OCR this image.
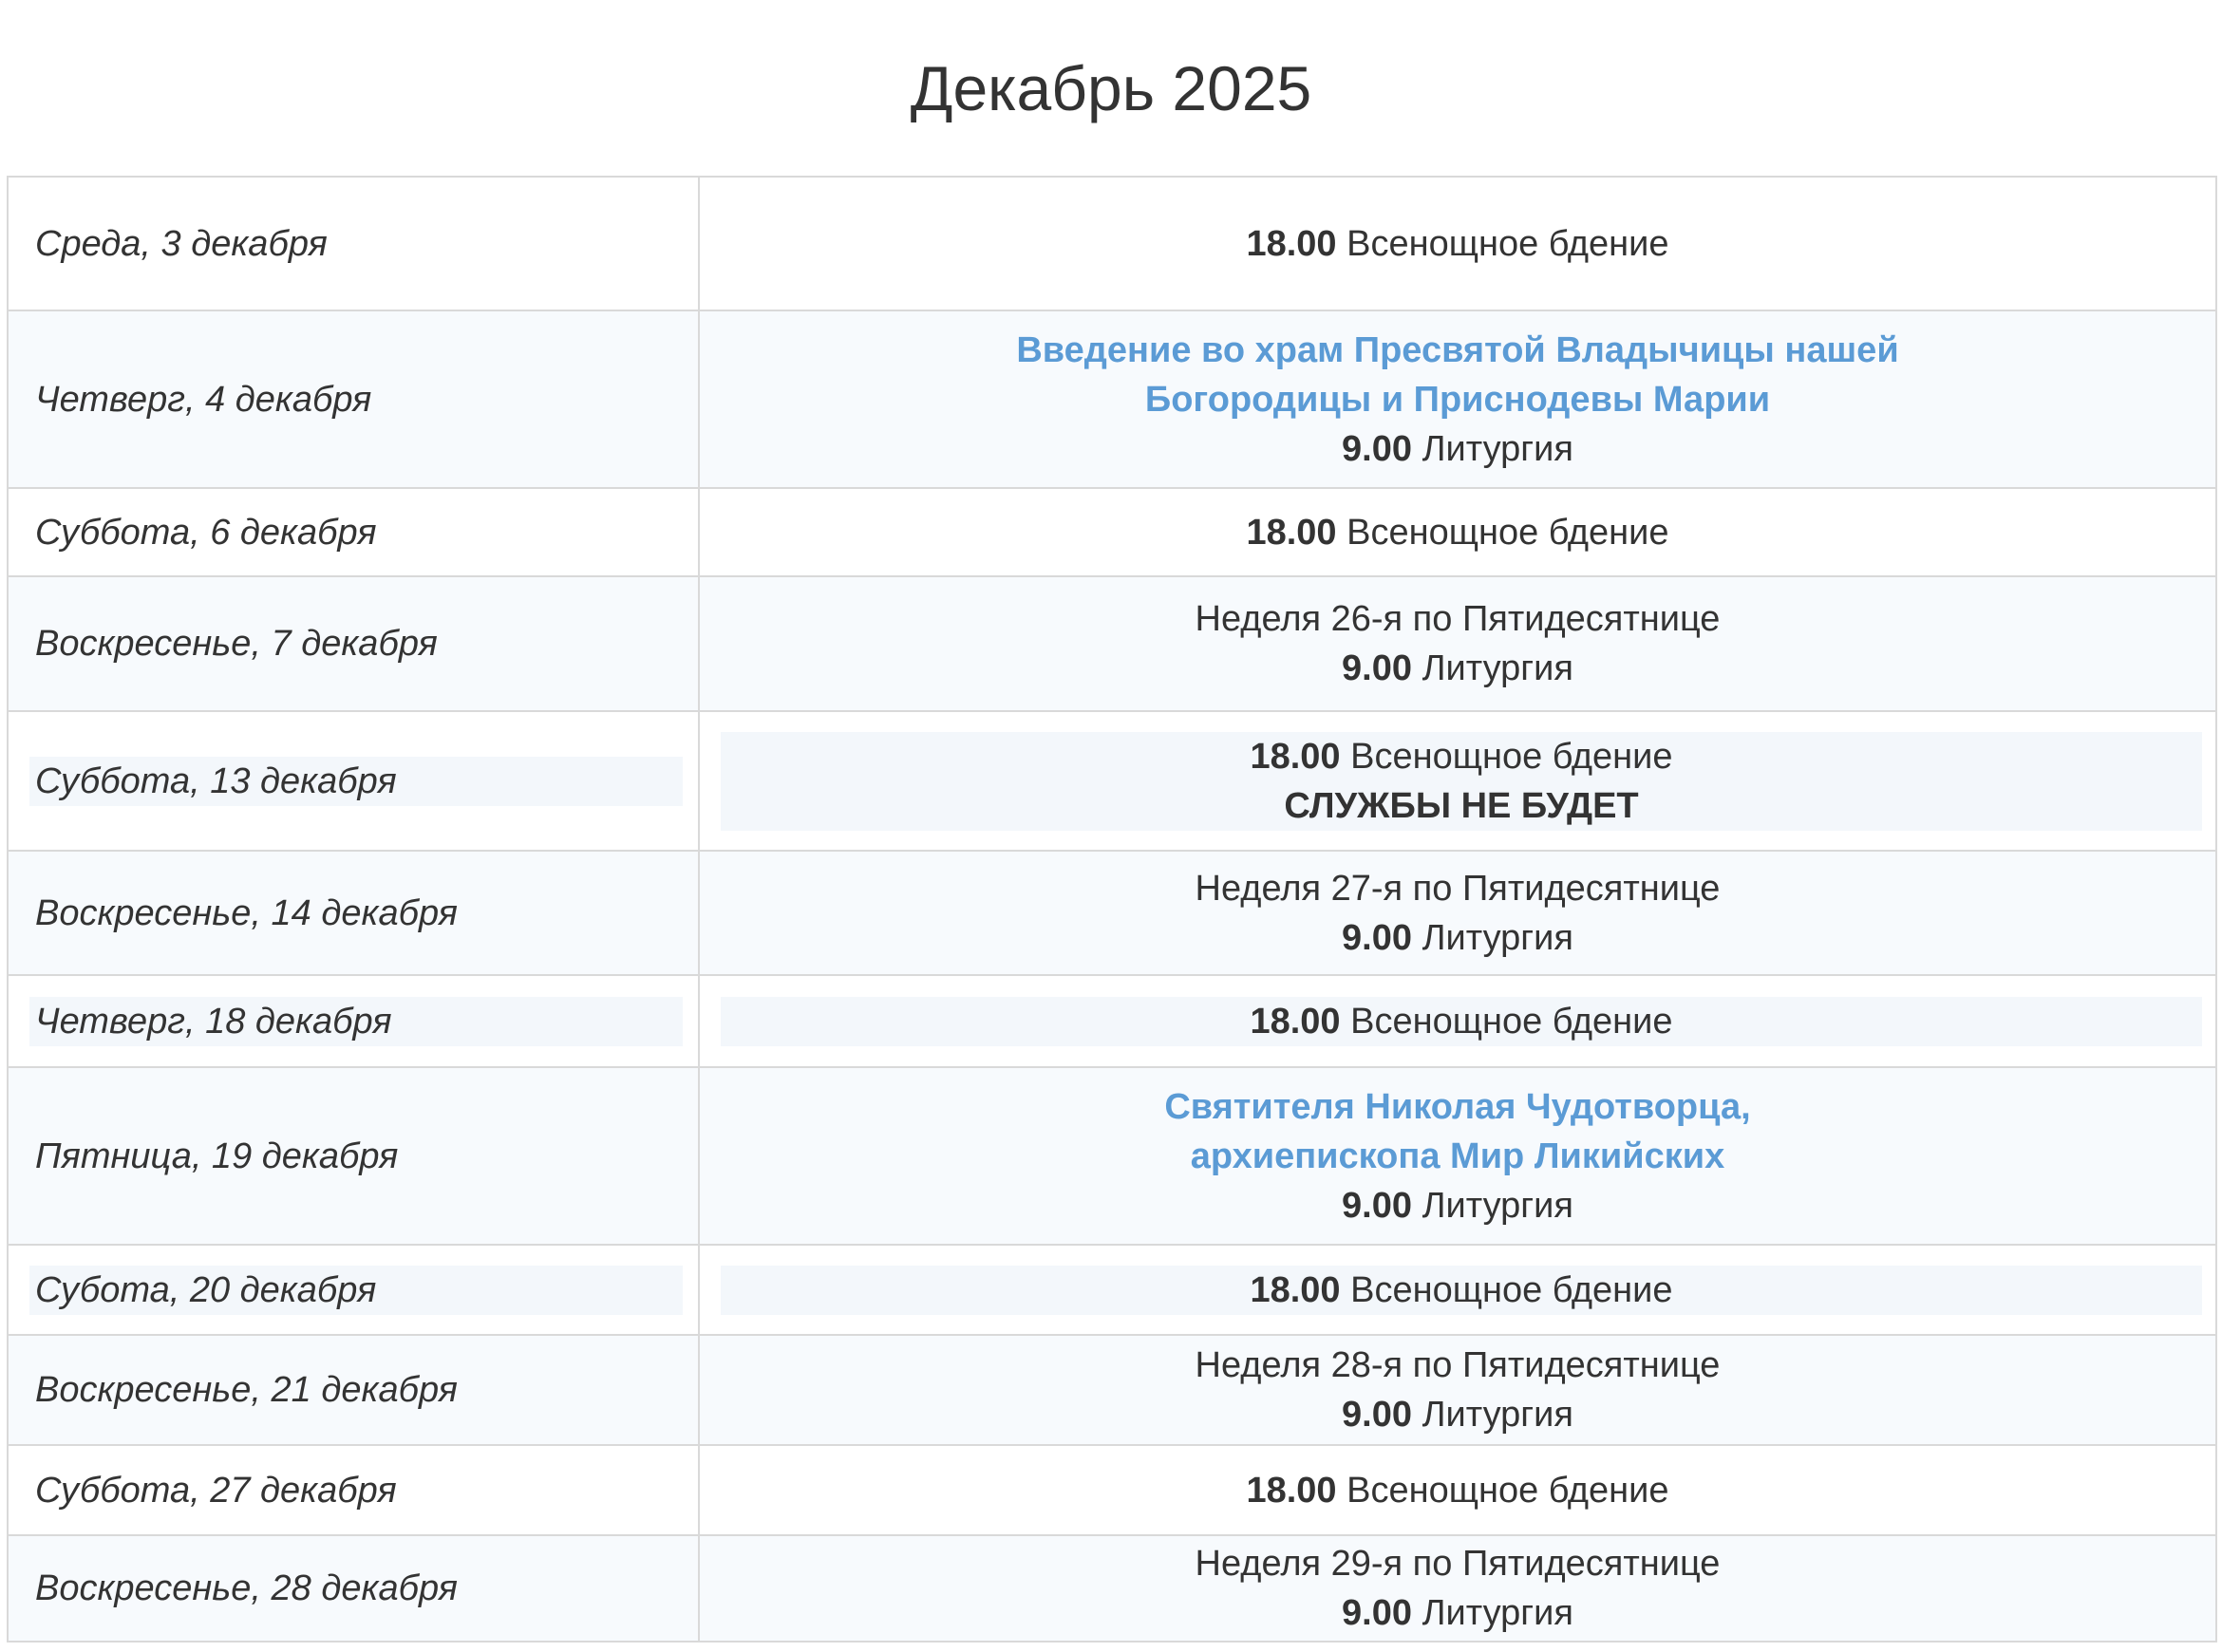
Декабрь 2025
Среда, 3 декабря	18.00 Всенощное бдение

Четверг, 4 декабря	Введение во храм Пресвятой Владычицы нашей
Богородицы и Приснодевы Марии
9.00 Литургия

Суббота, 6 декабря	18.00 Всенощное бдение

Воскресенье, 7 декабря	Неделя 26-я по Пятидесятнице
9.00 Литургия

Суббота, 13 декабря	18.00 Всенощное бдение
СЛУЖБЫ НЕ БУДЕТ

Воскресенье, 14 декабря	Неделя 27-я по Пятидесятнице
9.00 Литургия

Четверг, 18 декабря	18.00 Всенощное бдение

Пятница, 19 декабря	Святителя Николая Чудотворца,
архиепископа Мир Ликийских
9.00 Литургия

Субота, 20 декабря	18.00 Всенощное бдение

Воскресенье, 21 декабря	Неделя 28-я по Пятидесятнице
9.00 Литургия

Суббота, 27 декабря	18.00 Всенощное бдение

Воскресенье, 28 декабря	Неделя 29-я по Пятидесятнице
9.00 Литургия
